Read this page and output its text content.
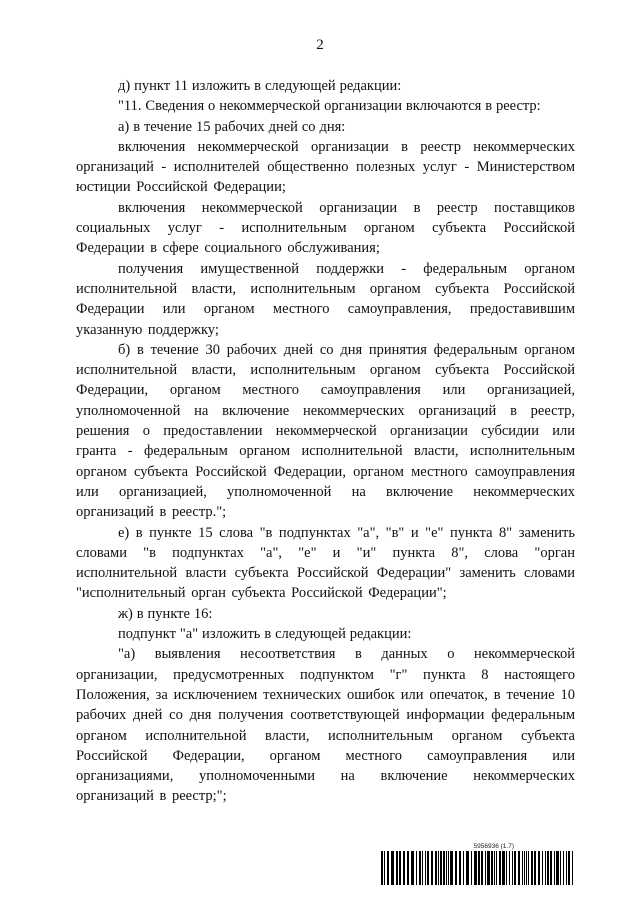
2

д) пункт 11 изложить в следующей редакции:

"11. Сведения о некоммерческой организации включаются в реестр:

а) в течение 15 рабочих дней со дня:

включения некоммерческой организации в реестр некоммерческих организаций - исполнителей общественно полезных услуг - Министерством юстиции Российской Федерации;

включения некоммерческой организации в реестр поставщиков социальных услуг - исполнительным органом субъекта Российской Федерации в сфере социального обслуживания;

получения имущественной поддержки - федеральным органом исполнительной власти, исполнительным органом субъекта Российской Федерации или органом местного самоуправления, предоставившим указанную поддержку;

б) в течение 30 рабочих дней со дня принятия федеральным органом исполнительной власти, исполнительным органом субъекта Российской Федерации, органом местного самоуправления или организацией, уполномоченной на включение некоммерческих организаций в реестр, решения о предоставлении некоммерческой организации субсидии или гранта - федеральным органом исполнительной власти, исполнительным органом субъекта Российской Федерации, органом местного самоуправления или организацией, уполномоченной на включение некоммерческих организаций в реестр.";

е) в пункте 15 слова "в подпунктах "а", "в" и "е" пункта 8" заменить словами "в подпунктах "а", "е" и "и" пункта 8", слова "орган исполнительной власти субъекта Российской Федерации" заменить словами "исполнительный орган субъекта Российской Федерации";

ж) в пункте 16:

подпункт "а" изложить в следующей редакции:

"а) выявления несоответствия в данных о некоммерческой организации, предусмотренных подпунктом "г" пункта 8 настоящего Положения, за исключением технических ошибок или опечаток, в течение 10 рабочих дней со дня получения соответствующей информации федеральным органом исполнительной власти, исполнительным органом субъекта Российской Федерации, органом местного самоуправления или организациями, уполномоченными на включение некоммерческих организаций в реестр;";

5956936 (1.7)
